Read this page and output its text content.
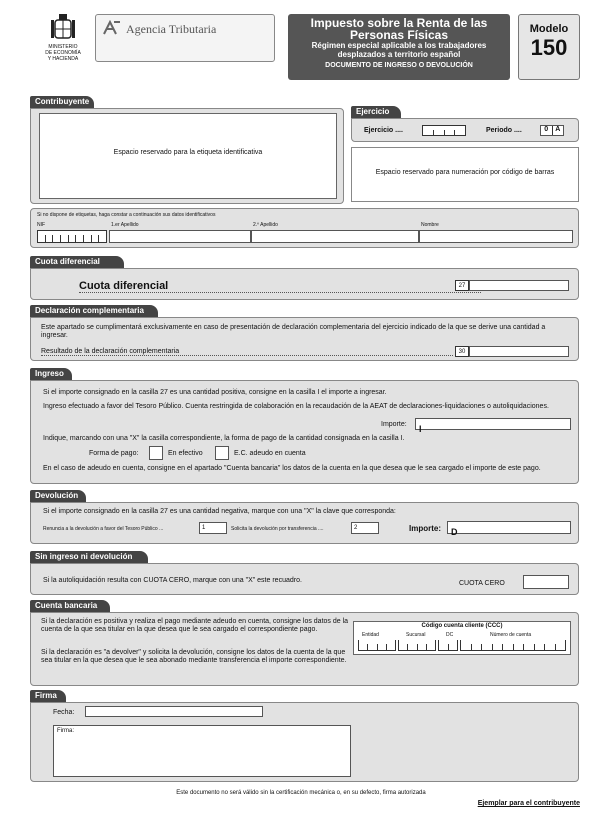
MINISTERIO
DE ECONOMÍA
Y HACIENDA
Agencia Tributaria	Impuesto sobre la Renta de las
Personas Físicas
Régimen especial aplicable a los trabajadores
desplazados a territorio español
DOCUMENTO DE INGRESO O DEVOLUCIÓN
Modelo
150
Contribuyente
Espacio reservado para la etiqueta identificativa
Ejercicio
Ejercicio ....	Periodo ....	0	A
Espacio reservado para numeración por código de barras
Si no dispone de etiquetas, haga constar a continuación sus datos identificativos
NIF	1.er Apellido	2.º Apellido	Nombre
Cuota diferencial
Cuota diferencial	27
Declaración complementaria
Este apartado se cumplimentará exclusivamente en caso de presentación de declaración complementaria del ejercicio indicado de la que se derive una cantidad a ingresar.
Resultado de la declaración complementaria	30
Ingreso
Si el importe consignado en la casilla 27 es una cantidad positiva, consigne en la casilla I el importe a ingresar.
Ingreso efectuado a favor del Tesoro Público. Cuenta restringida de colaboración en la recaudación de la AEAT de declaraciones-liquidaciones o autoliquidaciones.
Importe:	I
Indique, marcando con una "X" la casilla correspondiente, la forma de pago de la cantidad consignada en la casilla I.
Forma de pago:	En efectivo	E.C. adeudo en cuenta
En el caso de adeudo en cuenta, consigne en el apartado "Cuenta bancaria" los datos de la cuenta en la que desea que le sea cargado el importe de este pago.
Devolución
Si el importe consignado en la casilla 27 es una cantidad negativa, marque con una "X" la clave que corresponda:
Renuncia a la devolución a favor del Tesoro Público ...	1	Solicita la devolución por transferencia ....	2	Importe:	D
Sin ingreso ni devolución
Si la autoliquidación resulta con CUOTA CERO, marque con una "X" este recuadro.	CUOTA CERO
Cuenta bancaria
Si la declaración es positiva y realiza el pago mediante adeudo en cuenta, consigne los datos de la cuenta de la que sea titular en la que desea que le sea cargado el correspondiente pago.
Si la declaración es "a devolver" y solicita la devolución, consigne los datos de la cuenta de la que sea titular en la que desea que le sea abonado mediante transferencia el importe correspondiente.
Código cuenta cliente (CCC)
Entidad	Sucursal	DC	Número de cuenta
Firma
Fecha:
Firma:
Este documento no será válido sin la certificación mecánica o, en su defecto, firma autorizada
Ejemplar para el contribuyente
